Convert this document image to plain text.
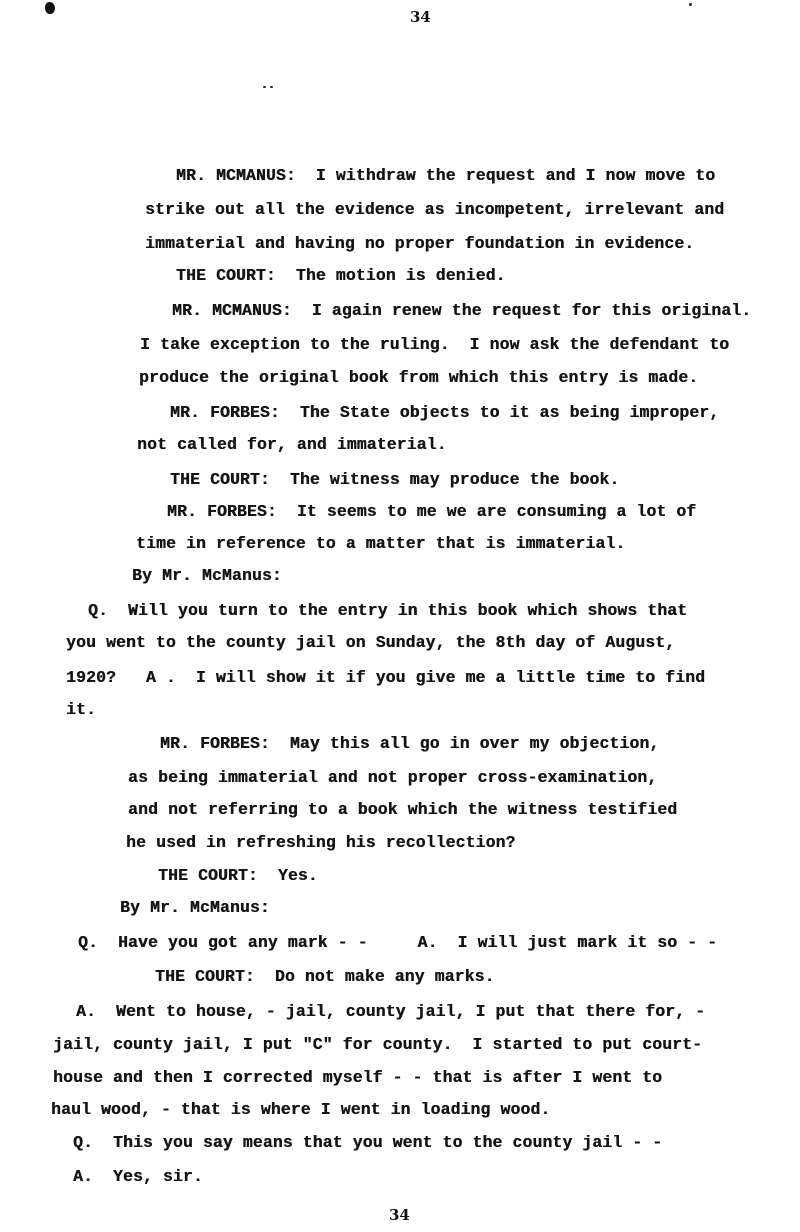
34
MR. MCMANUS:  I withdraw the request and I now move to
strike out all the evidence as incompetent, irrelevant and
immaterial and having no proper foundation in evidence.
THE COURT:  The motion is denied.
MR. MCMANUS:  I again renew the request for this original.
I take exception to the ruling.  I now ask the defendant to
produce the original book from which this entry is made.
MR. FORBES:  The State objects to it as being improper,
not called for, and immaterial.
THE COURT:  The witness may produce the book.
MR. FORBES:  It seems to me we are consuming a lot of
time in reference to a matter that is immaterial.
By Mr. McManus:
Q.  Will you turn to the entry in this book which shows that
you went to the county jail on Sunday, the 8th day of August,
1920?   A .  I will show it if you give me a little time to find
it.
MR. FORBES:  May this all go in over my objection,
as being immaterial and not proper cross-examination,
and not referring to a book which the witness testified
he used in refreshing his recollection?
THE COURT:  Yes.
By Mr. McManus:
Q.  Have you got any mark - -     A.  I will just mark it so - -
THE COURT:  Do not make any marks.
A.  Went to house, - jail, county jail, I put that there for, -
jail, county jail, I put "C" for county.  I started to put court-
house and then I corrected myself - - that is after I went to
haul wood, - that is where I went in loading wood.
Q.  This you say means that you went to the county jail - -
A.  Yes, sir.
34
